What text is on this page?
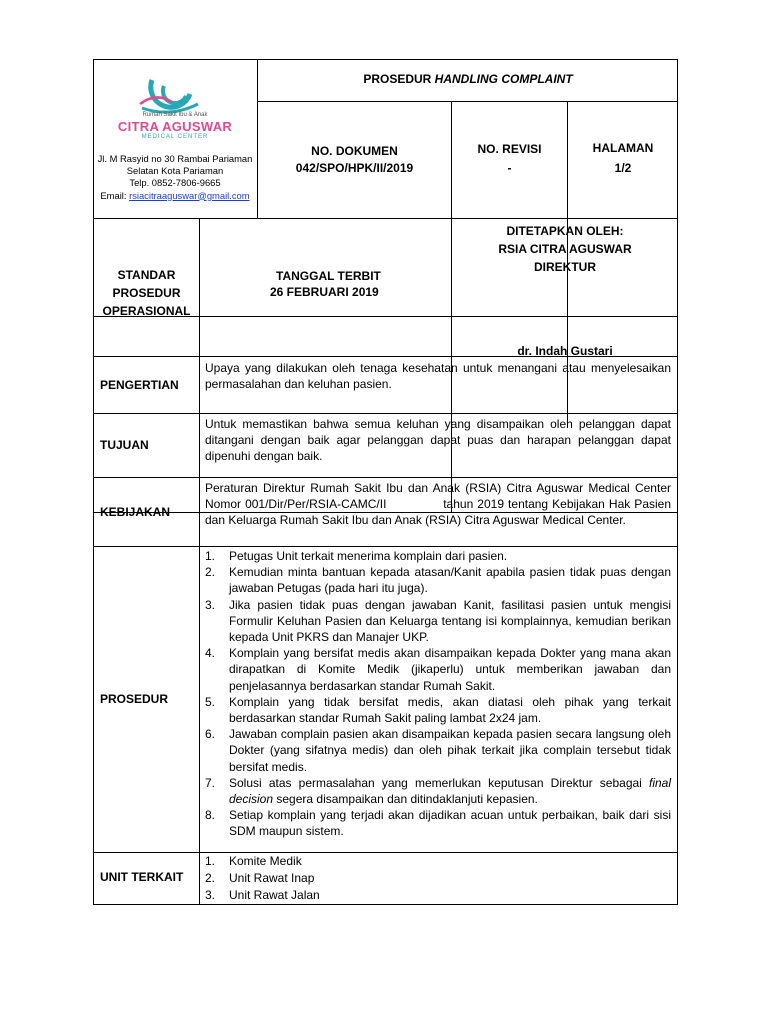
Rumah Sakit Ibu & Anak
CITRA AGUSWAR
MEDICAL CENTER
Jl. M Rasyid no 30 Rambai Pariaman
Selatan Kota Pariaman
Telp. 0852-7806-9665
Email: rsiacitraaguswar@gmail.com
PROSEDUR HANDLING COMPLAINT
NO. DOKUMEN
042/SPO/HPK/II/2019
NO. REVISI
-
HALAMAN
1/2
STANDAR
PROSEDUR
OPERASIONAL
TANGGAL TERBIT
26 FEBRUARI 2019
DITETAPKAN OLEH:
RSIA CITRA AGUSWAR
DIREKTUR
dr. Indah Gustari
PENGERTIAN
Upaya yang dilakukan oleh tenaga kesehatan untuk menangani atau menyelesaikan permasalahan dan keluhan pasien.
TUJUAN
Untuk memastikan bahwa semua keluhan yang disampaikan oleh pelanggan dapat ditangani dengan baik agar pelanggan dapat puas dan harapan pelanggan dapat dipenuhi dengan baik.
KEBIJAKAN
Peraturan Direktur Rumah Sakit Ibu dan Anak (RSIA) Citra Aguswar Medical Center Nomor 001/Dir/Per/RSIA-CAMC/II              tahun 2019 tentang Kebijakan Hak Pasien dan Keluarga Rumah Sakit Ibu dan Anak (RSIA) Citra Aguswar Medical Center.
PROSEDUR
1. Petugas Unit terkait menerima komplain dari pasien.
2. Kemudian minta bantuan kepada atasan/Kanit apabila pasien tidak puas dengan jawaban Petugas (pada hari itu juga).
3. Jika pasien tidak puas dengan jawaban Kanit, fasilitasi pasien untuk mengisi Formulir Keluhan Pasien dan Keluarga tentang isi komplainnya, kemudian berikan kepada Unit PKRS dan Manajer UKP.
4. Komplain yang bersifat medis akan disampaikan kepada Dokter yang mana akan dirapatkan di Komite Medik (jikaperlu) untuk memberikan jawaban dan penjelasannya berdasarkan standar Rumah Sakit.
5. Komplain yang tidak bersifat medis, akan diatasi oleh pihak yang terkait berdasarkan standar Rumah Sakit paling lambat 2x24 jam.
6. Jawaban complain pasien akan disampaikan kepada pasien secara langsung oleh Dokter (yang sifatnya medis) dan oleh pihak terkait jika complain tersebut tidak bersifat medis.
7. Solusi atas permasalahan yang memerlukan keputusan Direktur sebagai final decision segera disampaikan dan ditindaklanjuti kepasien.
8. Setiap komplain yang terjadi akan dijadikan acuan untuk perbaikan, baik dari sisi SDM maupun sistem.
UNIT TERKAIT
1. Komite Medik
2. Unit Rawat Inap
3. Unit Rawat Jalan
